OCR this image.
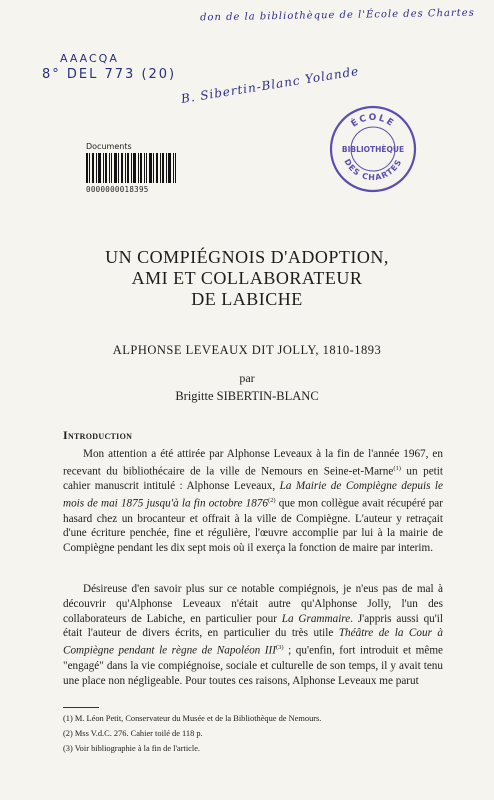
don de la bibliothèque de l'École des Chartes
AAACQA
8° DEL 773 (20) B. Sibertin-Blanc Yolande
Documents
0000000018395
ÉCOLE
BIBLIOTHÈQUE
DES CHARTES
UN COMPIÉGNOIS D'ADOPTION,
AMI ET COLLABORATEUR
DE LABICHE
ALPHONSE LEVEAUX DIT JOLLY, 1810-1893
par
Brigitte SIBERTIN-BLANC
Introduction

Mon attention a été attirée par Alphonse Leveaux à la fin de l'année 1967, en recevant du bibliothécaire de la ville de Nemours en Seine-et-Marne$^{(1)}$ un petit cahier manuscrit intitulé : Alphonse Leveaux, La Mairie de Compiègne depuis le mois de mai 1875 jusqu'à la fin octobre 1876$^{(2)}$ que mon collègue avait récupéré par hasard chez un brocanteur et offrait à la ville de Compiègne. L'auteur y retraçait d'une écriture penchée, fine et régulière, l'œuvre accomplie par lui à la mairie de Compiègne pendant les dix sept mois où il exerça la fonction de maire par interim.

Désireuse d'en savoir plus sur ce notable compiégnois, je n'eus pas de mal à découvrir qu'Alphonse Leveaux n'était autre qu'Alphonse Jolly, l'un des collaborateurs de Labiche, en particulier pour La Grammaire. J'appris aussi qu'il était l'auteur de divers écrits, en particulier du très utile Théâtre de la Cour à Compiègne pendant le règne de Napoléon III$^{(3)}$ ; qu'enfin, fort introduit et même "engagé" dans la vie compiégnoise, sociale et culturelle de son temps, il y avait tenu une place non négligeable. Pour toutes ces raisons, Alphonse Leveaux me parut

(1) M. Léon Petit, Conservateur du Musée et de la Bibliothèque de Nemours.
(2) Mss V.d.C. 276. Cahier toilé de 118 p.
(3) Voir bibliographie à la fin de l'article.
